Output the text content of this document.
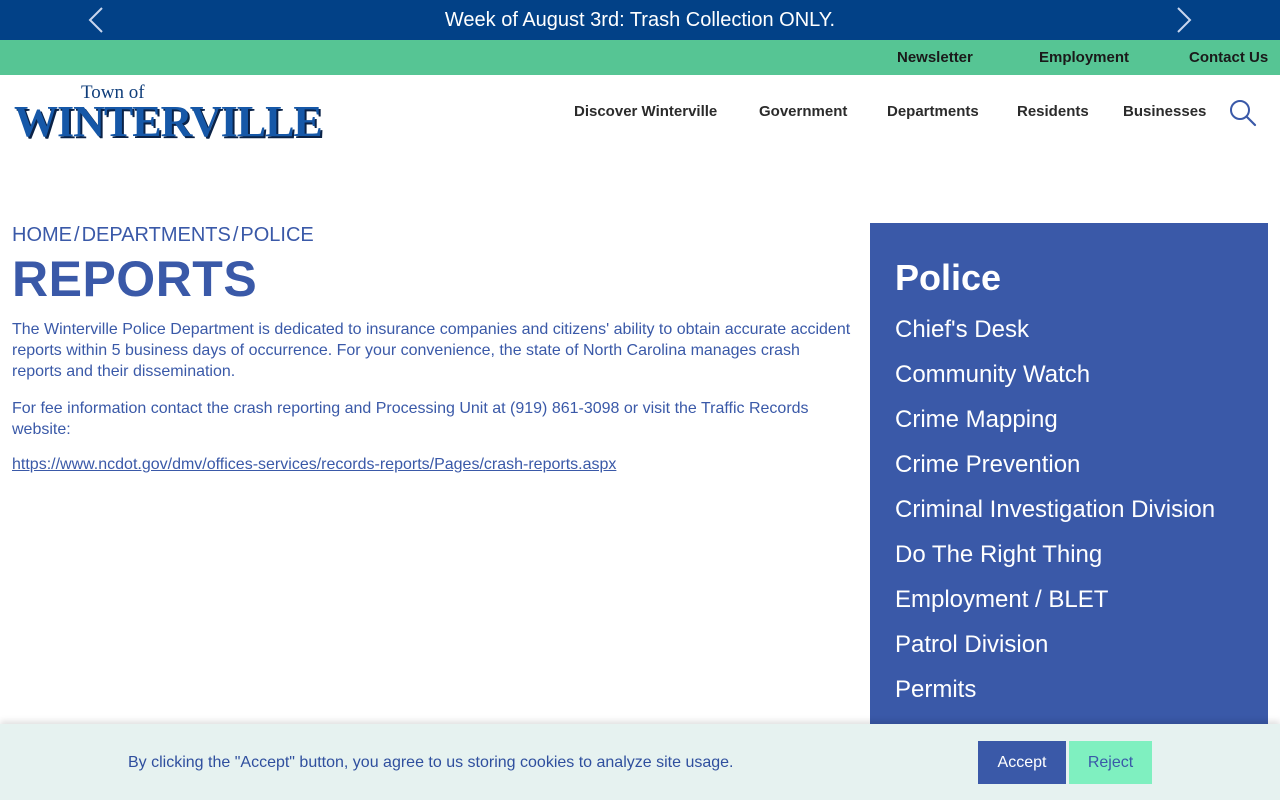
Week of August 3rd: Trash Collection ONLY.
Newsletter	Employment	Contact Us
Town of
WINTERVILLE	Discover Winterville	Government	Departments	Residents Businesses
HOME / DEPARTMENTS / POLICE
REPORTS

The Winterville Police Department is dedicated to insurance companies and citizens' ability to obtain accurate accident reports within 5 business days of occurrence. For your convenience, the state of North Carolina manages crash reports and their dissemination.

For fee information contact the crash reporting and Processing Unit at (919) 861-3098 or visit the Traffic Records website:

https://www.ncdot.gov/dmv/offices-services/records-reports/Pages/crash-reports.aspx
Police
Chief's Desk
Community Watch
Crime Mapping
Crime Prevention
Criminal Investigation Division
Do The Right Thing
Employment / BLET
Patrol Division
Permits
By clicking the "Accept" button, you agree to us storing cookies to analyze site usage.	Accept	Reject
